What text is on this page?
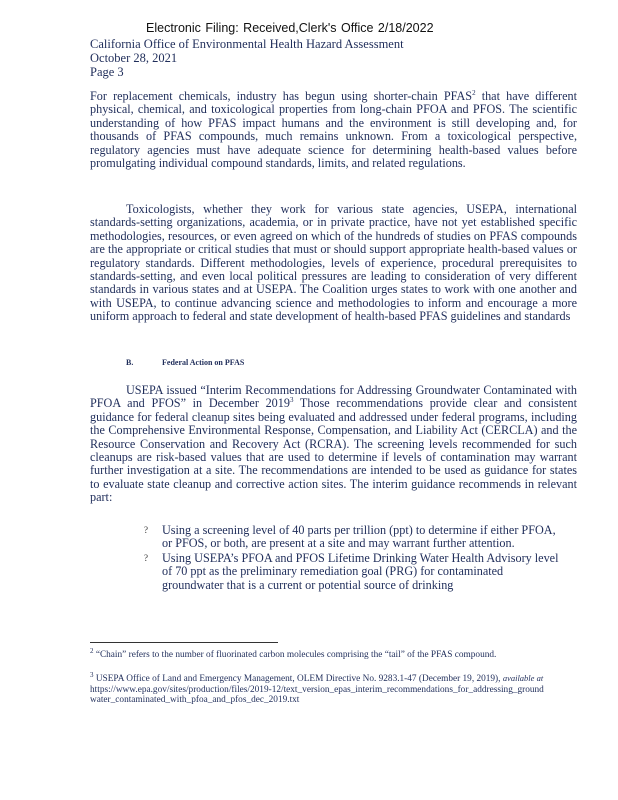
Electronic Filing: Received,Clerk's Office 2/18/2022
California Office of Environmental Health Hazard Assessment
October 28, 2021
Page 3

For replacement chemicals, industry has begun using shorter-chain PFAS$^2$ that have different physical, chemical, and toxicological properties from long-chain PFOA and PFOS. The scientific understanding of how PFAS impact humans and the environment is still developing and, for thousands of PFAS compounds, much remains unknown. From a toxicological perspective, regulatory agencies must have adequate science for determining health-based values before promulgating individual compound standards, limits, and related regulations.

Toxicologists, whether they work for various state agencies, USEPA, international standards-setting organizations, academia, or in private practice, have not yet established specific methodologies, resources, or even agreed on which of the hundreds of studies on PFAS compounds are the appropriate or critical studies that must or should support appropriate health-based values or regulatory standards. Different methodologies, levels of experience, procedural prerequisites to standards-setting, and even local political pressures are leading to consideration of very different standards in various states and at USEPA. The Coalition urges states to work with one another and with USEPA, to continue advancing science and methodologies to inform and encourage a more uniform approach to federal and state development of health-based PFAS guidelines and standards

B.	Federal Action on PFAS

USEPA issued “Interim Recommendations for Addressing Groundwater Contaminated with PFOA and PFOS” in December 2019$^3$ Those recommendations provide clear and consistent guidance for federal cleanup sites being evaluated and addressed under federal programs, including the Comprehensive Environmental Response, Compensation, and Liability Act (CERCLA) and the Resource Conservation and Recovery Act (RCRA). The screening levels recommended for such cleanups are risk-based values that are used to determine if levels of contamination may warrant further investigation at a site. The recommendations are intended to be used as guidance for states to evaluate state cleanup and corrective action sites. The interim guidance recommends in relevant part:

? Using a screening level of 40 parts per trillion (ppt) to determine if either PFOA, or PFOS, or both, are present at a site and may warrant further attention.
? Using USEPA’s PFOA and PFOS Lifetime Drinking Water Health Advisory level of 70 ppt as the preliminary remediation goal (PRG) for contaminated groundwater that is a current or potential source of drinking
$^2$ “Chain” refers to the number of fluorinated carbon molecules comprising the “tail” of the PFAS compound.
$^3$ USEPA Office of Land and Emergency Management, OLEM Directive No. 9283.1-47 (December 19, 2019), available at https://www.epa.gov/sites/production/files/2019-12/text_version_epas_interim_recommendations_for_addressing_groundwater_contaminated_with_pfoa_and_pfos_dec_2019.txt
